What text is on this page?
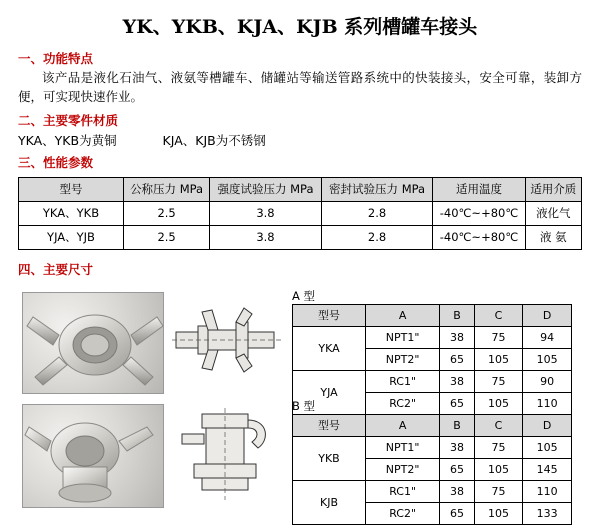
YK、YKB、KJA、KJB 系列槽罐车接头
一、功能特点
该产品是液化石油气、液氨等槽罐车、储罐站等输送管路系统中的快装接头，安全可靠，装卸方便，可实现快速作业。
二、主要零件材质
YKA、YKB为黄铜	KJA、KJB为不锈钢
三、性能参数
型号	公称压力 MPa	强度试验压力 MPa	密封试验压力 MPa	适用温度	适用介质
YKA、YKB	2.5	3.8	2.8	-40℃~+80℃	液化气
YJA、YJB	2.5	3.8	2.8	-40℃~+80℃	液 氨
四、主要尺寸
A 型
型号	A	B	C	D
YKA	NPT1"	38	75	94
	NPT2"	65	105	105
YJA	RC1"	38	75	90
	RC2"	65	105	110
B 型
型号	A	B	C	D
YKB	NPT1"	38	75	105
	NPT2"	65	105	145
KJB	RC1"	38	75	110
	RC2"	65	105	133
